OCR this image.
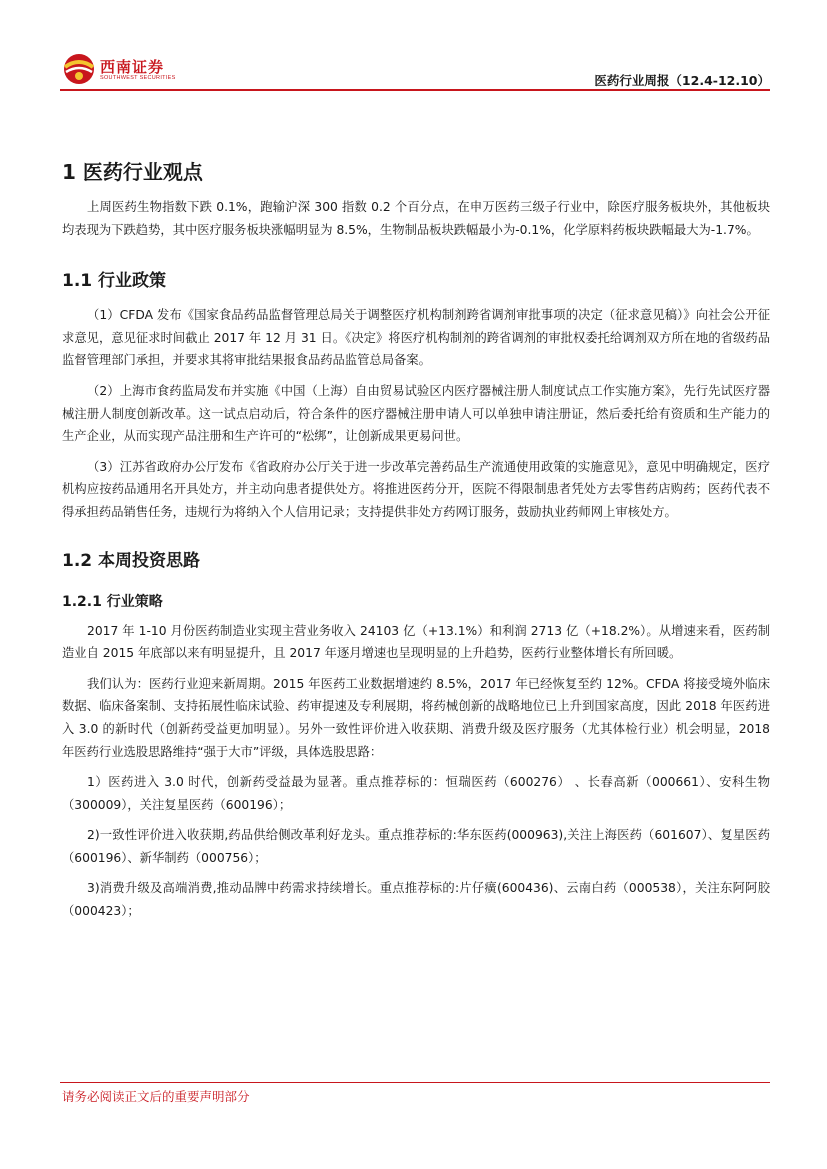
西南证券
SOUTHWEST SECURITIES	医药行业周报（12.4-12.10）
1 医药行业观点

上周医药生物指数下跌 0.1%，跑输沪深 300 指数 0.2 个百分点，在申万医药三级子行业中，除医疗服务板块外，其他板块均表现为下跌趋势，其中医疗服务板块涨幅明显为 8.5%，生物制品板块跌幅最小为-0.1%，化学原料药板块跌幅最大为-1.7%。

1.1 行业政策

（1）CFDA 发布《国家食品药品监督管理总局关于调整医疗机构制剂跨省调剂审批事项的决定（征求意见稿）》向社会公开征求意见，意见征求时间截止 2017 年 12 月 31 日。《决定》将医疗机构制剂的跨省调剂的审批权委托给调剂双方所在地的省级药品监督管理部门承担，并要求其将审批结果报食品药品监管总局备案。

（2）上海市食药监局发布并实施《中国（上海）自由贸易试验区内医疗器械注册人制度试点工作实施方案》，先行先试医疗器械注册人制度创新改革。这一试点启动后，符合条件的医疗器械注册申请人可以单独申请注册证，然后委托给有资质和生产能力的生产企业，从而实现产品注册和生产许可的“松绑”，让创新成果更易问世。

（3）江苏省政府办公厅发布《省政府办公厅关于进一步改革完善药品生产流通使用政策的实施意见》，意见中明确规定，医疗机构应按药品通用名开具处方，并主动向患者提供处方。将推进医药分开，医院不得限制患者凭处方去零售药店购药；医药代表不得承担药品销售任务，违规行为将纳入个人信用记录；支持提供非处方药网订服务，鼓励执业药师网上审核处方。

1.2 本周投资思路
1.2.1 行业策略

2017 年 1-10 月份医药制造业实现主营业务收入 24103 亿（+13.1%）和利润 2713 亿（+18.2%）。从增速来看，医药制造业自 2015 年底部以来有明显提升，且 2017 年逐月增速也呈现明显的上升趋势，医药行业整体增长有所回暖。

我们认为：医药行业迎来新周期。2015 年医药工业数据增速约 8.5%，2017 年已经恢复至约 12%。CFDA 将接受境外临床数据、临床备案制、支持拓展性临床试验、药审提速及专利展期，将药械创新的战略地位已上升到国家高度，因此 2018 年医药进入 3.0 的新时代（创新药受益更加明显）。另外一致性评价进入收获期、消费升级及医疗服务（尤其体检行业）机会明显，2018 年医药行业选股思路维持“强于大市”评级，具体选股思路：

1）医药进入 3.0 时代，创新药受益最为显著。重点推荐标的：恒瑞医药（600276） 、长春高新（000661）、安科生物（300009），关注复星医药（600196）；

2)一致性评价进入收获期,药品供给侧改革利好龙头。重点推荐标的:华东医药(000963),关注上海医药（601607）、复星医药（600196）、新华制药（000756）；

3)消费升级及高端消费,推动品牌中药需求持续增长。重点推荐标的:片仔癀(600436)、云南白药（000538），关注东阿阿胶（000423）；

请务必阅读正文后的重要声明部分
